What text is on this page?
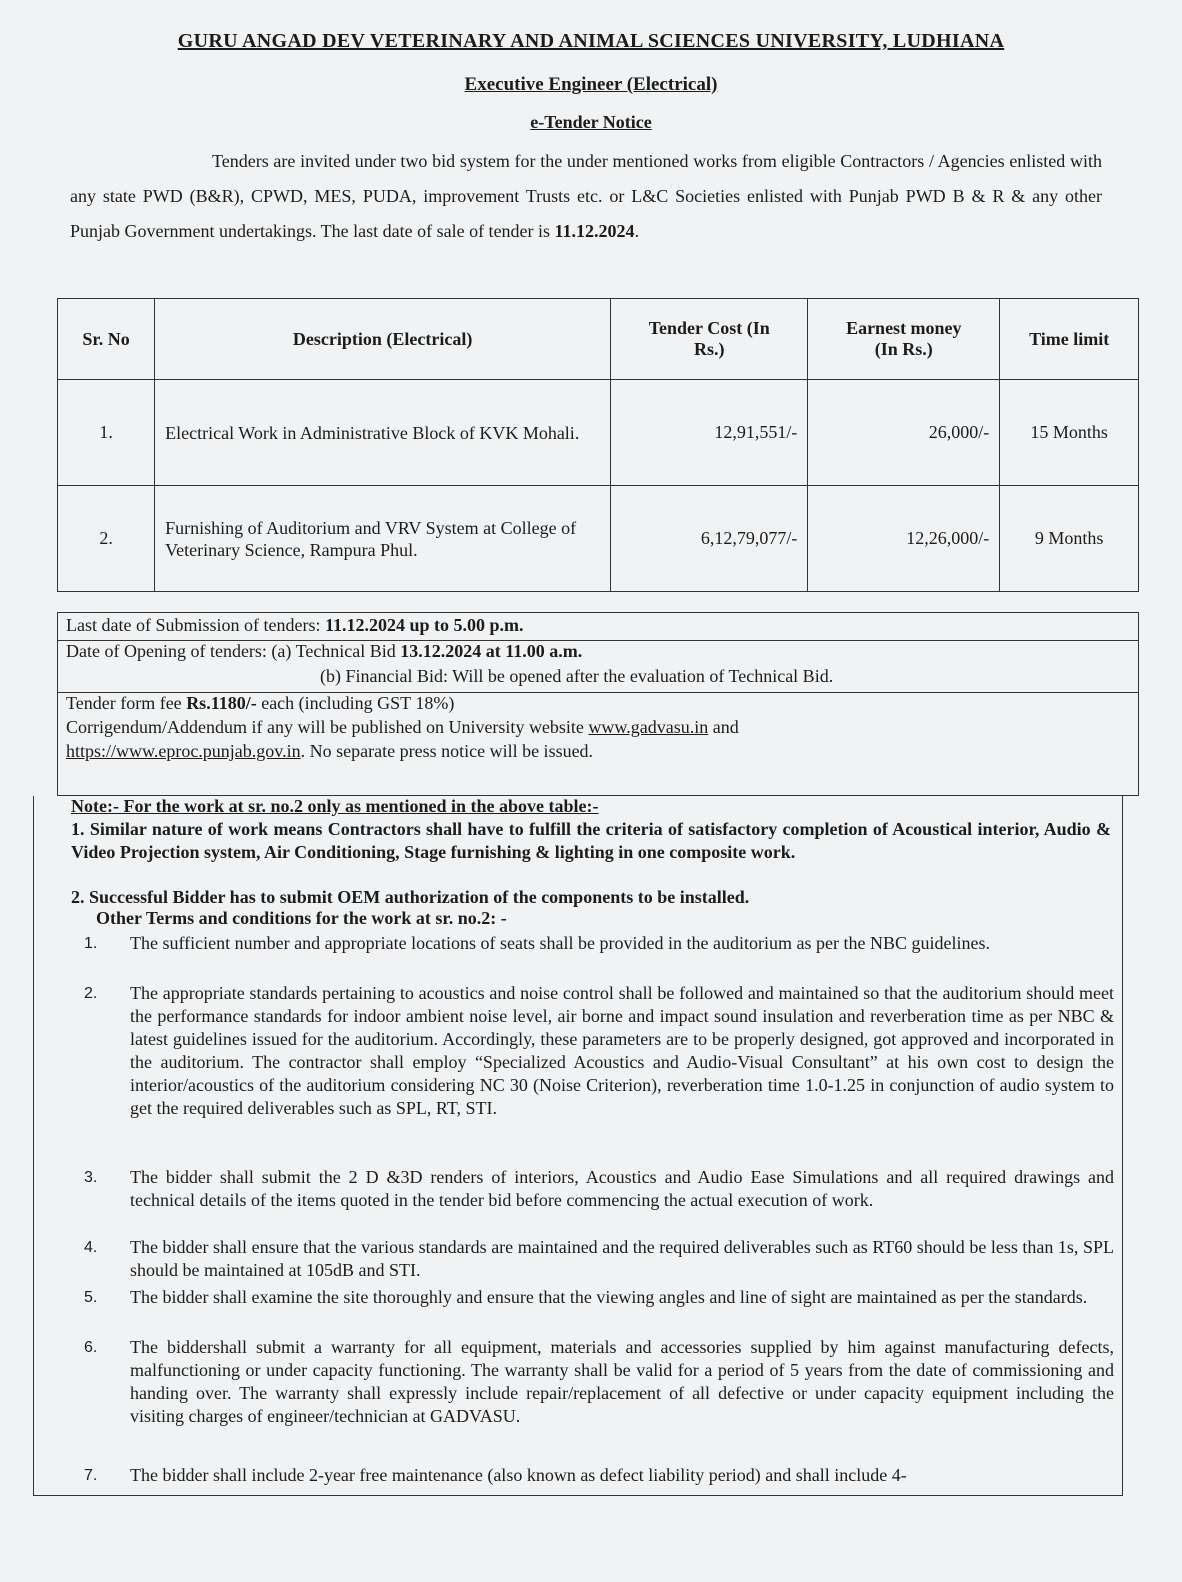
GURU ANGAD DEV VETERINARY AND ANIMAL SCIENCES UNIVERSITY, LUDHIANA
Executive Engineer (Electrical)
e-Tender Notice
Tenders are invited under two bid system for the under mentioned works from eligible Contractors / Agencies enlisted with any state PWD (B&R), CPWD, MES, PUDA, improvement Trusts etc. or L&C Societies enlisted with Punjab PWD B & R & any other Punjab Government undertakings. The last date of sale of tender is 11.12.2024.
Sr. No	Description (Electrical)	Tender Cost (In Rs.)	Earnest money (In Rs.)	Time limit
1.	Electrical Work in Administrative Block of KVK Mohali.	12,91,551/-	26,000/-	15 Months
2.	Furnishing of Auditorium and VRV System at College of Veterinary Science, Rampura Phul.	6,12,79,077/-	12,26,000/-	9 Months
Last date of Submission of tenders: 11.12.2024 up to 5.00 p.m.
Date of Opening of tenders: (a) Technical Bid 13.12.2024 at 11.00 a.m.
(b) Financial Bid: Will be opened after the evaluation of Technical Bid.
Tender form fee Rs.1180/- each (including GST 18%)
Corrigendum/Addendum if any will be published on University website www.gadvasu.in and
https://www.eproc.punjab.gov.in. No separate press notice will be issued.
Note:- For the work at sr. no.2 only as mentioned in the above table:-
1. Similar nature of work means Contractors shall have to fulfill the criteria of satisfactory completion of Acoustical interior, Audio & Video Projection system, Air Conditioning, Stage furnishing & lighting in one composite work.
2. Successful Bidder has to submit OEM authorization of the components to be installed.
Other Terms and conditions for the work at sr. no.2: -
1.	The sufficient number and appropriate locations of seats shall be provided in the auditorium as per the NBC guidelines.
2.	The appropriate standards pertaining to acoustics and noise control shall be followed and maintained so that the auditorium should meet the performance standards for indoor ambient noise level, air borne and impact sound insulation and reverberation time as per NBC & latest guidelines issued for the auditorium. Accordingly, these parameters are to be properly designed, got approved and incorporated in the auditorium. The contractor shall employ “Specialized Acoustics and Audio-Visual Consultant” at his own cost to design the interior/acoustics of the auditorium considering NC 30 (Noise Criterion), reverberation time 1.0-1.25 in conjunction of audio system to get the required deliverables such as SPL, RT, STI.
3.	The bidder shall submit the 2 D &3D renders of interiors, Acoustics and Audio Ease Simulations and all required drawings and technical details of the items quoted in the tender bid before commencing the actual execution of work.
4.	The bidder shall ensure that the various standards are maintained and the required deliverables such as RT60 should be less than 1s, SPL should be maintained at 105dB and STI.
5.	The bidder shall examine the site thoroughly and ensure that the viewing angles and line of sight are maintained as per the standards.
6.	The biddershall submit a warranty for all equipment, materials and accessories supplied by him against manufacturing defects, malfunctioning or under capacity functioning. The warranty shall be valid for a period of 5 years from the date of commissioning and handing over. The warranty shall expressly include repair/replacement of all defective or under capacity equipment including the visiting charges of engineer/technician at GADVASU.
7.	The bidder shall include 2-year free maintenance (also known as defect liability period) and shall include 4-
